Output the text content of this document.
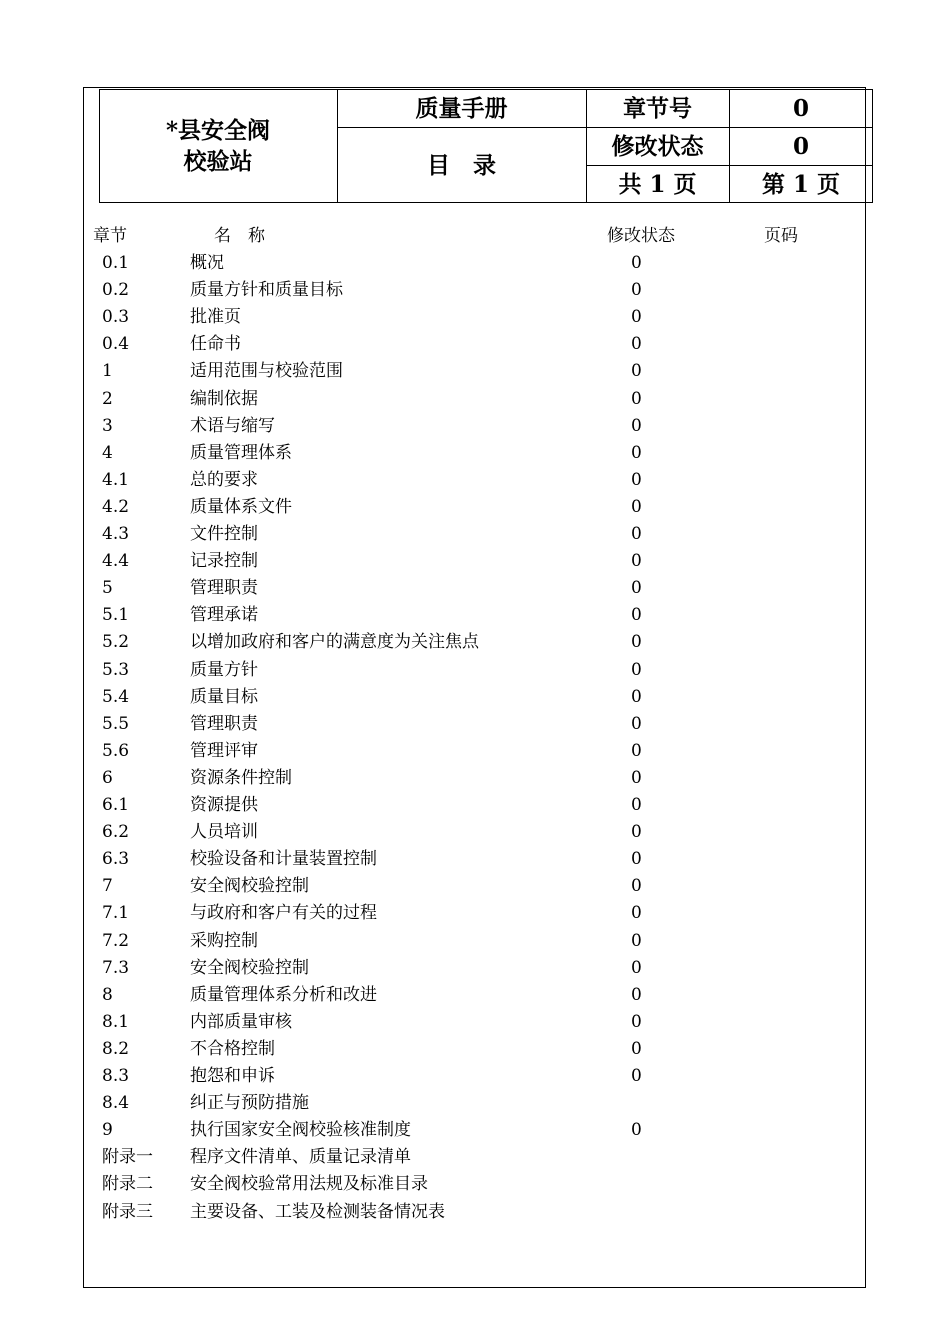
*县安全阀校验站
质量手册
目　录
章节号	0
修改状态	0
共 1 页	第 1 页
章节	名　称	修改状态	页码
0.1	概况	0
0.2	质量方针和质量目标	0
0.3	批准页	0
0.4	任命书	0
1	适用范围与校验范围	0
2	编制依据	0
3	术语与缩写	0
4	质量管理体系	0
4.1	总的要求	0
4.2	质量体系文件	0
4.3	文件控制	0
4.4	记录控制	0
5	管理职责	0
5.1	管理承诺	0
5.2	以增加政府和客户的满意度为关注焦点	0
5.3	质量方针	0
5.4	质量目标	0
5.5	管理职责	0
5.6	管理评审	0
6	资源条件控制	0
6.1	资源提供	0
6.2	人员培训	0
6.3	校验设备和计量装置控制	0
7	安全阀校验控制	0
7.1	与政府和客户有关的过程	0
7.2	采购控制	0
7.3	安全阀校验控制	0
8	质量管理体系分析和改进	0
8.1	内部质量审核	0
8.2	不合格控制	0
8.3	抱怨和申诉	0
8.4	纠正与预防措施
9	执行国家安全阀校验核准制度	0
附录一 程序文件清单、质量记录清单
附录二 安全阀校验常用法规及标准目录
附录三 主要设备、工装及检测装备情况表
